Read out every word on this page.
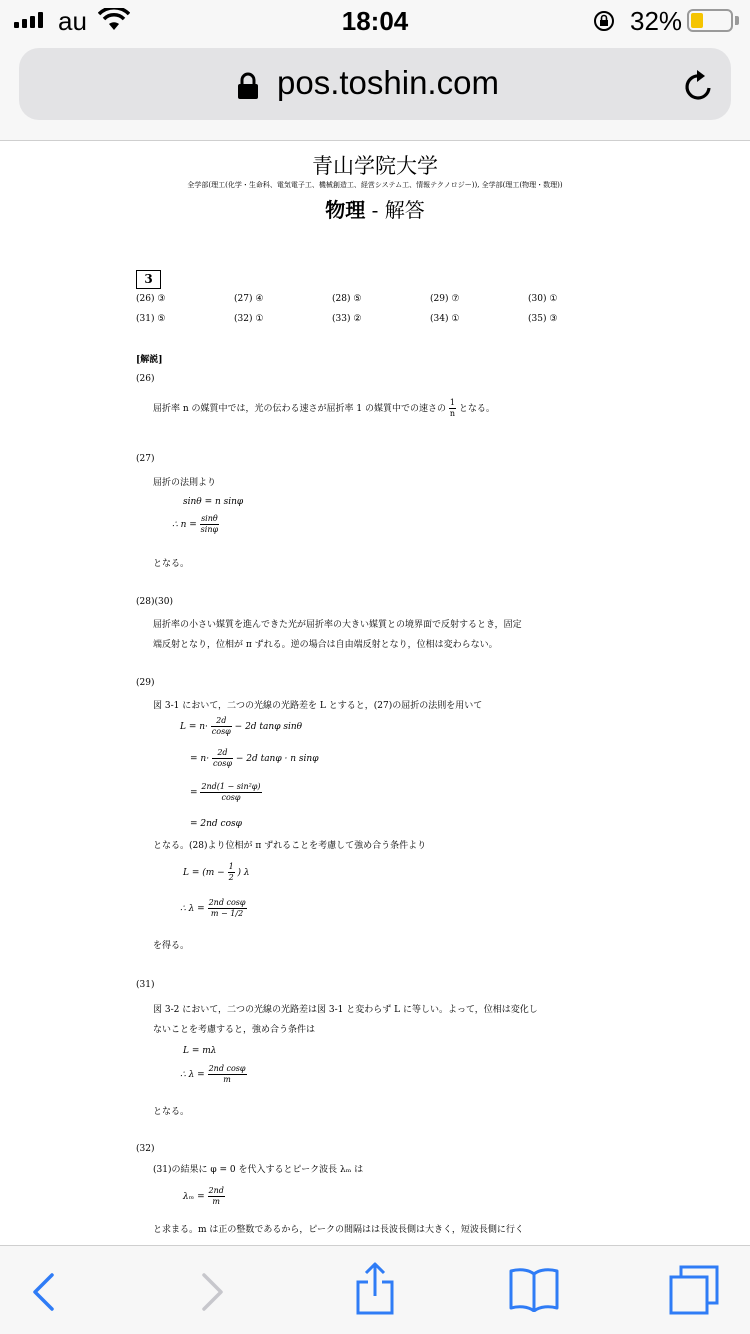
au	18:04	32%
pos.toshin.com
青山学院大学
全学部(理工(化学・生命科、電気電子工、機械創造工、経営システム工、情報テクノロジー)), 全学部(理工(物理・数理))
物理 - 解答
3
(26) ③	(27) ④	(28) ⑤	(29) ⑦	(30) ①
(31) ⑤	(32) ①	(33) ②	(34) ①	(35) ③
[解説]
(26)
屈折率 n の媒質中では，光の伝わる速さが屈折率 1 の媒質中での速さの $\frac{1}{n}$ となる。
(27)
屈折の法則より
sinθ = n sinφ
∴ $n = \frac{\sin\theta}{\sin\varphi}$
となる。
(28)(30)
屈折率の小さい媒質を進んできた光が屈折率の大きい媒質との境界面で反射するとき，固定
端反射となり，位相が π ずれる。逆の場合は自由端反射となり，位相は変わらない。
(29)
図 3-1 において，二つの光線の光路差を L とすると，(27)の屈折の法則を用いて
$L = n\cdot \frac{2d}{\cos\varphi} - 2d$ tanφ sinθ
= $n\cdot \frac{2d}{\cos\varphi} - 2d$ tanφ · n sinφ
= $\frac{\text{2nd(1 − sin²φ)}}{\cos\varphi}$
= 2nd cosφ
となる。(28)より位相が π ずれることを考慮して強め合う条件より
$L = (m - \frac{1}{2}$ ) λ
∴ $\lambda = \frac{\text{2nd cosφ}}{m - 1/2}$
を得る。
(31)
図 3-2 において，二つの光線の光路差は図 3-1 と変わらず L に等しい。よって，位相は変化し
ないことを考慮すると，強め合う条件は
L = mλ
∴ $\lambda = \frac{\text{2nd cosφ}}{m}$
となる。
(32)
(31)の結果に φ = 0 を代入するとピーク波長 λₘ は
$\lambda_m = \frac{2nd}{m}$
と求まる。m は正の整数であるから，ピークの間隔はは長波長側は大きく，短波長側に行く
